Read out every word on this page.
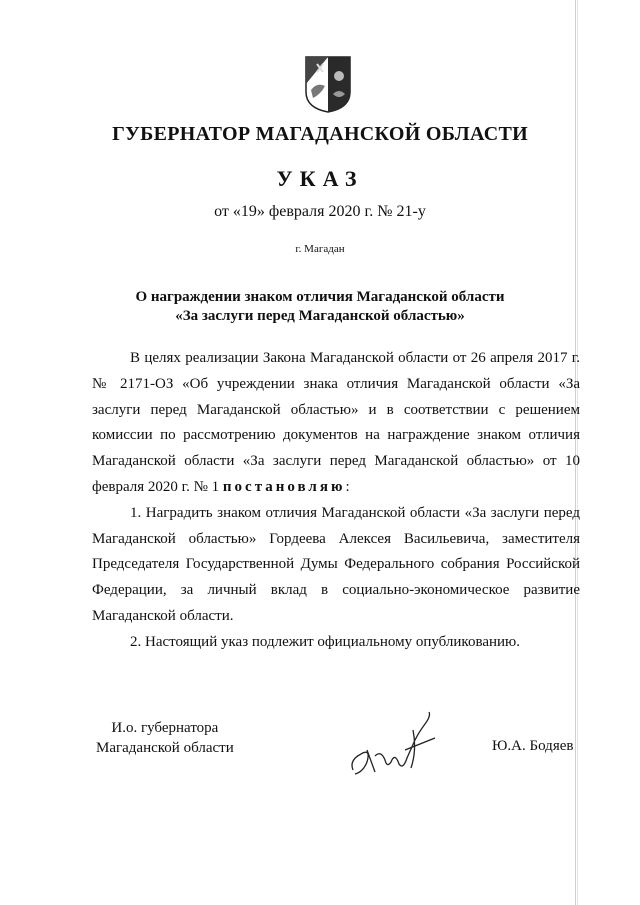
ГУБЕРНАТОР МАГАДАНСКОЙ ОБЛАСТИ
УКАЗ
от «19» февраля 2020 г. № 21-у
г. Магадан
О награждении знаком отличия Магаданской области
«За заслуги перед Магаданской областью»

В целях реализации Закона Магаданской области от 26 апреля 2017 г. № 2171-ОЗ «Об учреждении знака отличия Магаданской области «За заслуги перед Магаданской областью» и в соответствии с решением комиссии по рассмотрению документов на награждение знаком отличия Магаданской области «За заслуги перед Магаданской областью» от 10 февраля 2020 г. № 1 постановляю:

1. Наградить знаком отличия Магаданской области «За заслуги перед Магаданской областью» Гордеева Алексея Васильевича, заместителя Председателя Государственной Думы Федерального собрания Российской Федерации, за личный вклад в социально-экономическое развитие Магаданской области.

2. Настоящий указ подлежит официальному опубликованию.

И.о. губернатора
Магаданской области	Ю.А. Бодяев
